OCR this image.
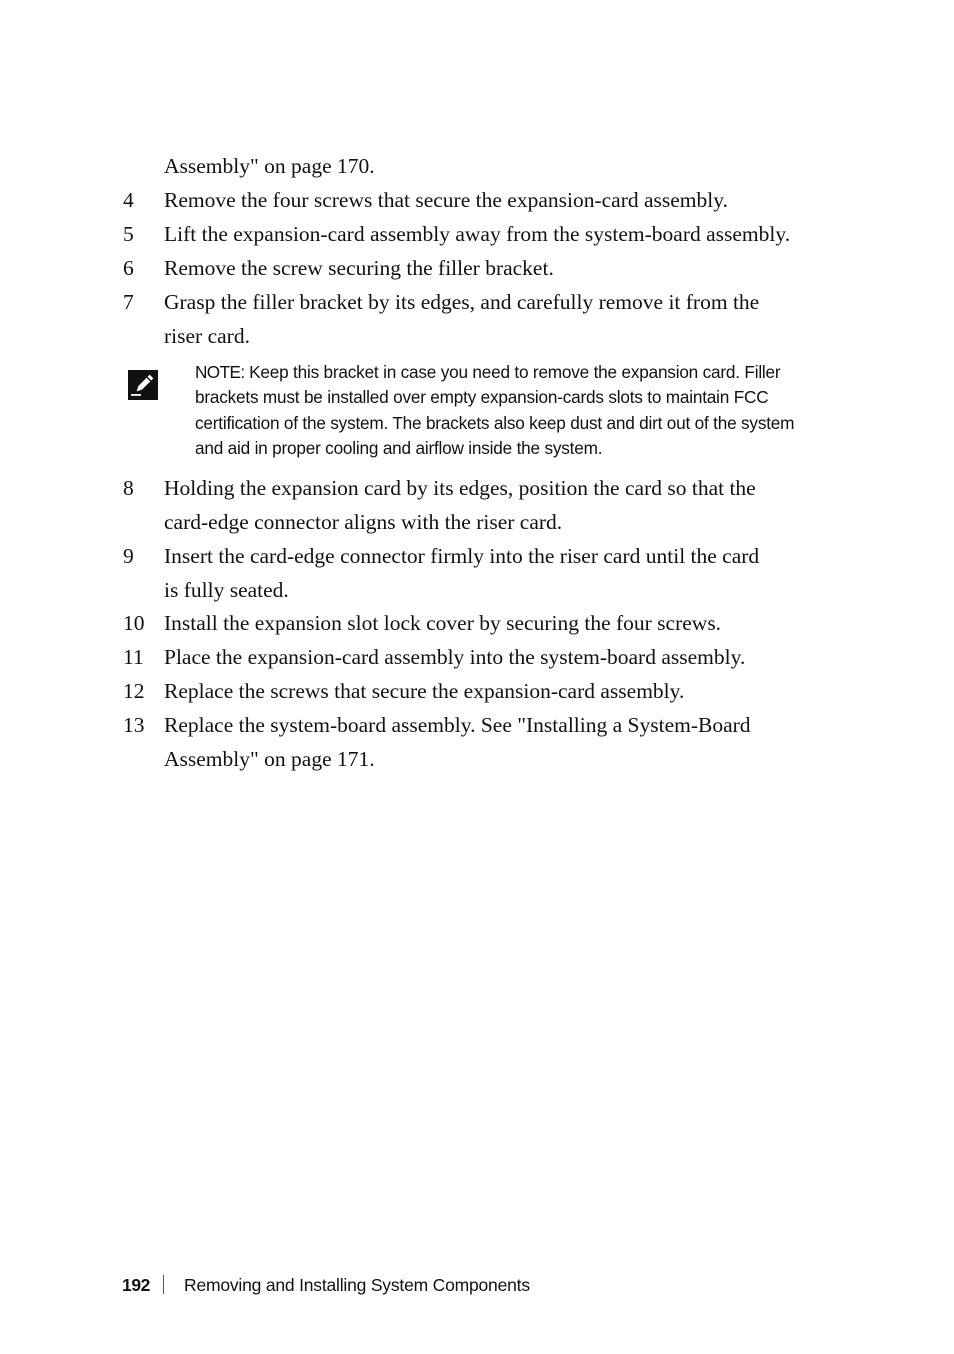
Assembly" on page 170.
4	Remove the four screws that secure the expansion-card assembly.
5	Lift the expansion-card assembly away from the system-board assembly.
6	Remove the screw securing the filler bracket.
7	Grasp the filler bracket by its edges, and carefully remove it from the
riser card.
NOTE: Keep this bracket in case you need to remove the expansion card. Filler
brackets must be installed over empty expansion-cards slots to maintain FCC
certification of the system. The brackets also keep dust and dirt out of the system
and aid in proper cooling and airflow inside the system.
8	Holding the expansion card by its edges, position the card so that the
card-edge connector aligns with the riser card.
9	Insert the card-edge connector firmly into the riser card until the card
is fully seated.
10 Install the expansion slot lock cover by securing the four screws.
11 Place the expansion-card assembly into the system-board assembly.
12 Replace the screws that secure the expansion-card assembly.
13 Replace the system-board assembly. See "Installing a System-Board
Assembly" on page 171.
192 Removing and Installing System Components
